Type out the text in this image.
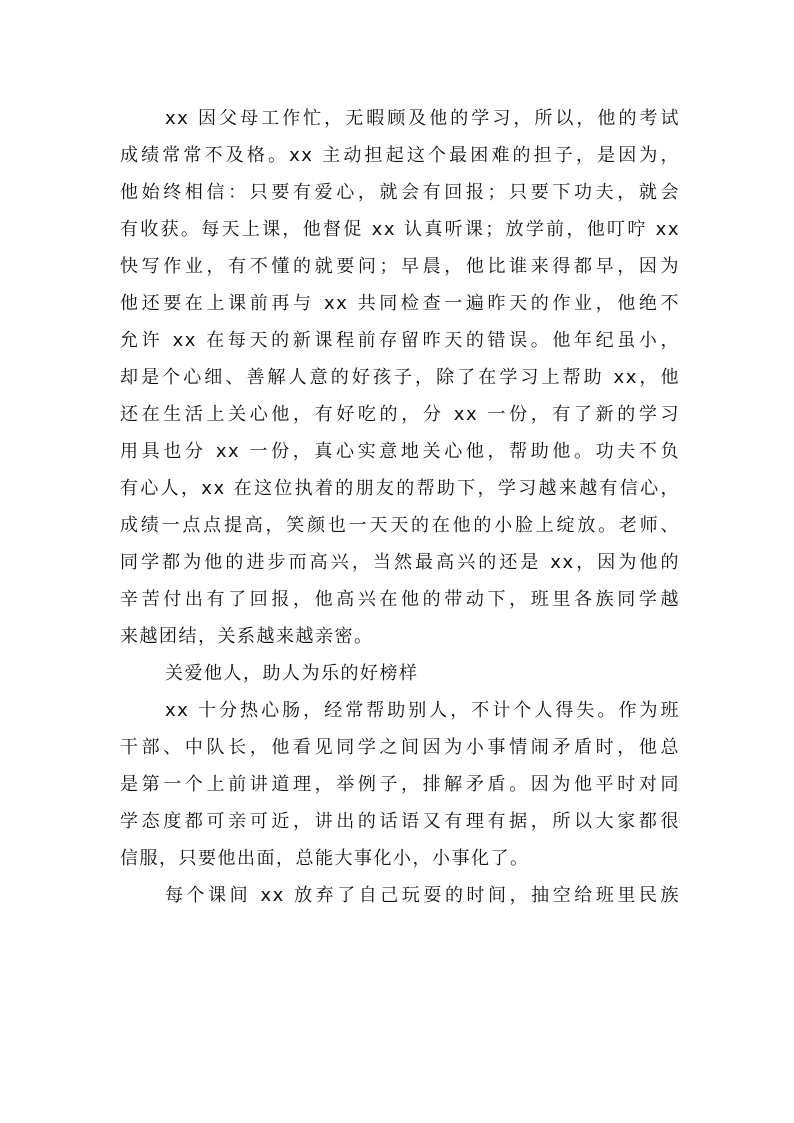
xx 因父母工作忙，无暇顾及他的学习，所以，他的考试
成绩常常不及格。xx 主动担起这个最困难的担子，是因为，
他始终相信：只要有爱心，就会有回报；只要下功夫，就会
有收获。每天上课，他督促 xx 认真听课；放学前，他叮咛 xx
快写作业，有不懂的就要问；早晨，他比谁来得都早，因为
他还要在上课前再与 xx 共同检查一遍昨天的作业，他绝不
允许 xx 在每天的新课程前存留昨天的错误。他年纪虽小，
却是个心细、善解人意的好孩子，除了在学习上帮助 xx，他
还在生活上关心他，有好吃的，分 xx 一份，有了新的学习
用具也分 xx 一份，真心实意地关心他，帮助他。功夫不负
有心人，xx 在这位执着的朋友的帮助下，学习越来越有信心，
成绩一点点提高，笑颜也一天天的在他的小脸上绽放。老师、
同学都为他的进步而高兴，当然最高兴的还是 xx，因为他的
辛苦付出有了回报，他高兴在他的带动下，班里各族同学越
来越团结，关系越来越亲密。
关爱他人，助人为乐的好榜样
xx 十分热心肠，经常帮助别人，不计个人得失。作为班
干部、中队长，他看见同学之间因为小事情闹矛盾时，他总
是第一个上前讲道理，举例子，排解矛盾。因为他平时对同
学态度都可亲可近，讲出的话语又有理有据，所以大家都很
信服，只要他出面，总能大事化小，小事化了。
每个课间 xx 放弃了自己玩耍的时间，抽空给班里民族
